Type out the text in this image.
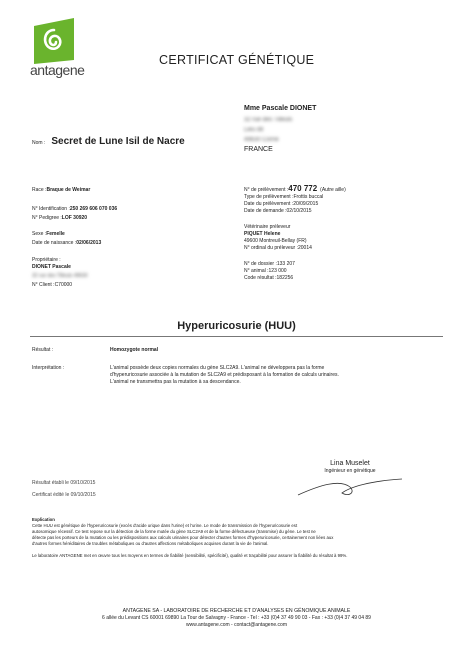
antagene
CERTIFICAT GÉNÉTIQUE
Mme Pascale DIONET
32 rue des Tilleuls
Lieu dit
49630 Corné
FRANCE
Nom : Secret de Lune Isil de Nacre
Race : Braque de Weimar
N° Identification : 250 269 606 070 036
N° Pedigree : LOF 30920
Sexe : Femelle
Date de naissance : 02/06/2013
Propriétaire :
DIONET Pascale
32 rue des Tilleuls 49630
N° Client : C70000
N° de prélèvement : 470 772 (Autre aille)
Type de prélèvement : Frottis buccal
Date du prélèvement : 20/09/2015
Date de demande : 02/10/2015
Vétérinaire préleveur
PIQUET Helene
49600 Montreuil-Bellay (FR)
N° ordinal du préleveur : 20014
N° de dossier : 133 207
N° animal : 123 000
Code résultat : 182256
Hyperuricosurie (HUU)
Résultat :	Homozygote normal
Interprétation :	L'animal possède deux copies normales du gène SLC2A9. L'animal ne développera pas la forme
d'hyperuricosurie associée à la mutation de SLC2A9 et prédisposant à la formation de calculs urinaires.
L'animal ne transmettra pas la mutation à sa descendance.
Lina Muselet
Ingénieur en génétique
Résultat établi le 09/10/2015
Certificat édité le 09/10/2015
Explication
Cette HUU est génétique de l'hyperuricosurie (excès d'acide urique dans l'urine) et l'urine. Le mode de transmission de l'hyperuricosurie est
autosomique récessif. Ce test repose sur la détection de la forme mutée du gène SLC2A9 et de la forme défectueuse (transmise) du gène. Le test ne
détecte pas les porteurs de la mutation ou les prédispositions aux calculs urinaires pour détecter d'autres formes d'hyperuricosurie, certainement non liées aux
d'autres formes héréditaires de troubles métaboliques ou d'autres affections métaboliques acquises durant la vie de l'animal.
Le laboratoire ANTAGENE met en œuvre tous les moyens en termes de fiabilité (sensibilité, spécificité), qualité et traçabilité pour assurer la fiabilité du résultat à 99%.
ANTAGENE SA - LABORATOIRE DE RECHERCHE ET D'ANALYSES EN GÉNOMIQUE ANIMALE
6 allée du Levant CS 60001 69890 La Tour de Salvagny - France - Tel : +33 (0)4 37 49 90 03 - Fax : +33 (0)4 37 49 04 89
www.antagene.com - contact@antagene.com
